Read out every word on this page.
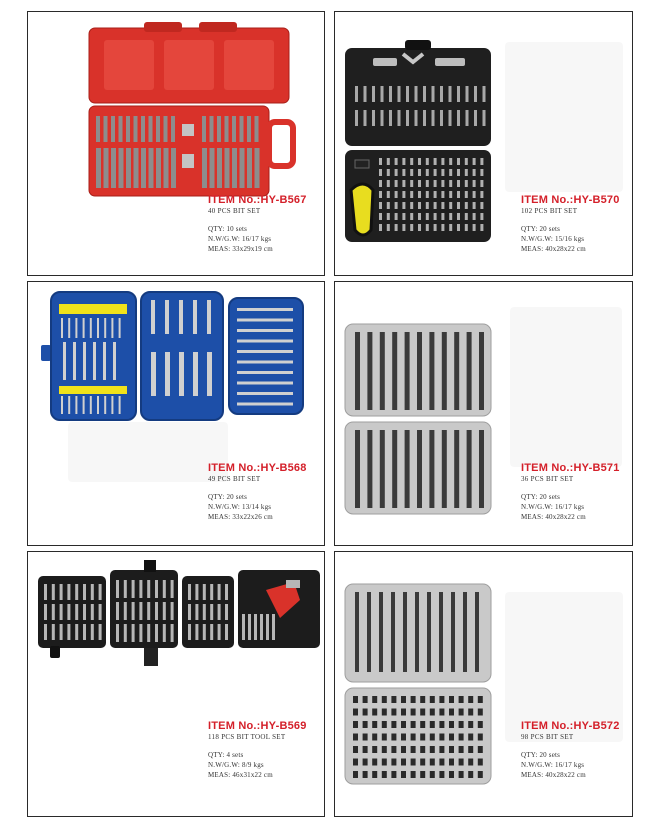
ITEM No.:HY-B567
40 PCS BIT SET
QTY: 10 sets
N.W/G.W: 16/17 kgs
MEAS: 33x29x19 cm
ITEM No.:HY-B570
102 PCS BIT SET
QTY: 20 sets
N.W/G.W: 15/16 kgs
MEAS: 40x28x22 cm
ITEM No.:HY-B568
49 PCS BIT SET
QTY: 20 sets
N.W/G.W: 13/14 kgs
MEAS: 33x22x26 cm
ITEM No.:HY-B571
36 PCS BIT SET
QTY: 20 sets
N.W/G.W: 16/17 kgs
MEAS: 40x28x22 cm
ITEM No.:HY-B569
118 PCS BIT TOOL SET
QTY: 4 sets
N.W/G.W: 8/9 kgs
MEAS: 46x31x22 cm
ITEM No.:HY-B572
98 PCS BIT SET
QTY: 20 sets
N.W/G.W: 16/17 kgs
MEAS: 40x28x22 cm
